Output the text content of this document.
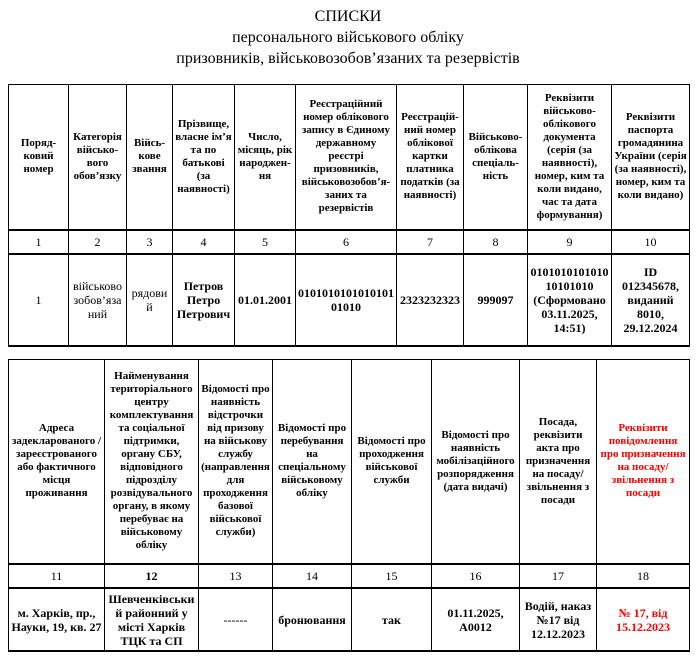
СПИСКИ
персонального військового обліку
призовників, військовозобов’язаних та резервістів
Поряд-ковий номер	Категорія військо-вого обов’язку	Війсь-кове звання	Прізвище, власне ім’я та по батькові (за наявності)	Число, місяць, рік народжен-ня	Реєстраційний номер облікового запису в Єдиному державному реєстрі призовників, військовозобов’я-заних та резервістів	Реєстрацій-ний номер облікової картки платника податків (за наявності)	Військово-облікова спеціаль-ність	Реквізити військово-облікового документа (серія (за наявності), номер, ким та коли видано, час та дата формування)	Реквізити паспорта громадянина України (серія (за наявності), номер, ким та коли видано)
1	2	3	4	5	6	7	8	9	10
1	військовозобов’язаний	рядовий	Петров Петро Петрович	01.01.2001	010101010101010101010	2323232323	999097	010101010101010101010 (Сформовано 03.11.2025, 14:51)	ID 012345678, виданий 8010, 29.12.2024
Адреса задекларованого / зареєстрованого або фактичного місця проживання	Найменування територіального центру комплектування та соціальної підтримки, органу СБУ, відповідного підрозділу розвідувального органу, в якому перебуває на військовому обліку	Відомості про наявність відстрочки від призову на військову службу (направлення для проходження базової військової служби)	Відомості про перебування на спеціальному військовому обліку	Відомості про проходження військової служби	Відомості про наявність мобілізаційного розпорядження (дата видачі)	Посада, реквізити акта про призначення на посаду/ звільнення з посади	Реквізити повідомлення про призначення на посаду/ звільнення з посади
11	12	13	14	15	16	17	18
м. Харків, пр., Науки, 19, кв. 27	Шевченківський районний у місті Харків ТЦК та СП	------	бронювання	так	01.11.2025, А0012	Водій, наказ №17 від 12.12.2023	№ 17, від 15.12.2023
